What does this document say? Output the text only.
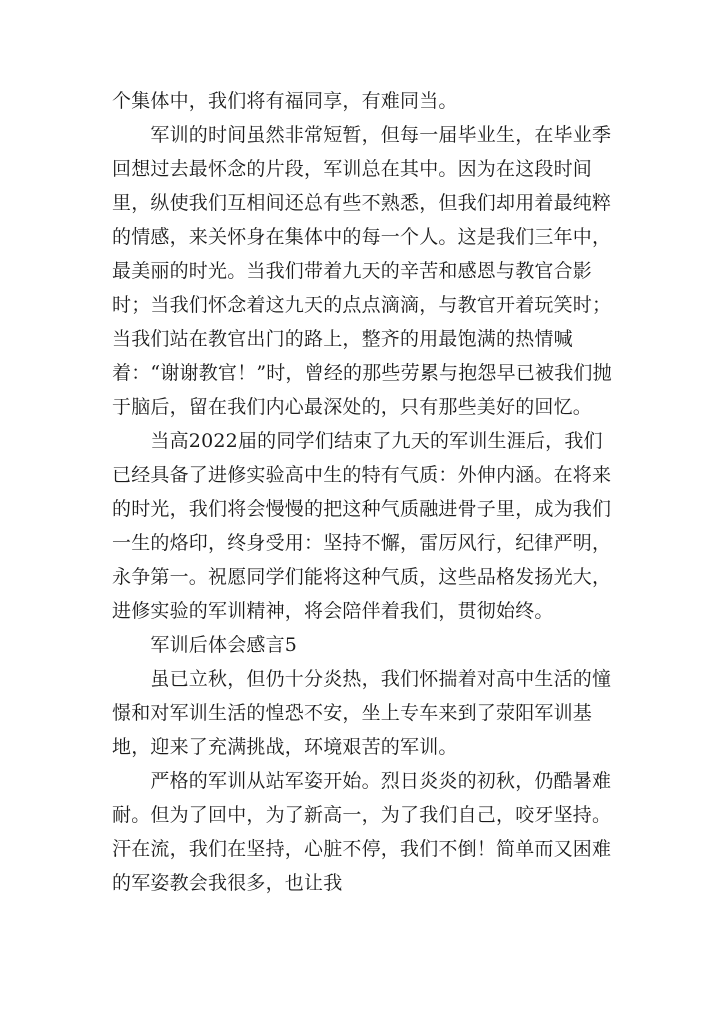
个集体中，我们将有福同享，有难同当。

　　军训的时间虽然非常短暂，但每一届毕业生，在毕业季回想过去最怀念的片段，军训总在其中。因为在这段时间里，纵使我们互相间还总有些不熟悉，但我们却用着最纯粹的情感，来关怀身在集体中的每一个人。这是我们三年中，最美丽的时光。当我们带着九天的辛苦和感恩与教官合影时；当我们怀念着这九天的点点滴滴，与教官开着玩笑时；当我们站在教官出门的路上，整齐的用最饱满的热情喊着：“谢谢教官！”时，曾经的那些劳累与抱怨早已被我们抛于脑后，留在我们内心最深处的，只有那些美好的回忆。

　　当高2022届的同学们结束了九天的军训生涯后，我们已经具备了进修实验高中生的特有气质：外伸内涵。在将来的时光，我们将会慢慢的把这种气质融进骨子里，成为我们一生的烙印，终身受用：坚持不懈，雷厉风行，纪律严明，永争第一。祝愿同学们能将这种气质，这些品格发扬光大，进修实验的军训精神，将会陪伴着我们，贯彻始终。

　　军训后体会感言5

　　虽已立秋，但仍十分炎热，我们怀揣着对高中生活的憧憬和对军训生活的惶恐不安，坐上专车来到了荥阳军训基地，迎来了充满挑战，环境艰苦的军训。

　　严格的军训从站军姿开始。烈日炎炎的初秋，仍酷暑难耐。但为了回中，为了新高一，为了我们自己，咬牙坚持。汗在流，我们在坚持，心脏不停，我们不倒！简单而又困难的军姿教会我很多，也让我
